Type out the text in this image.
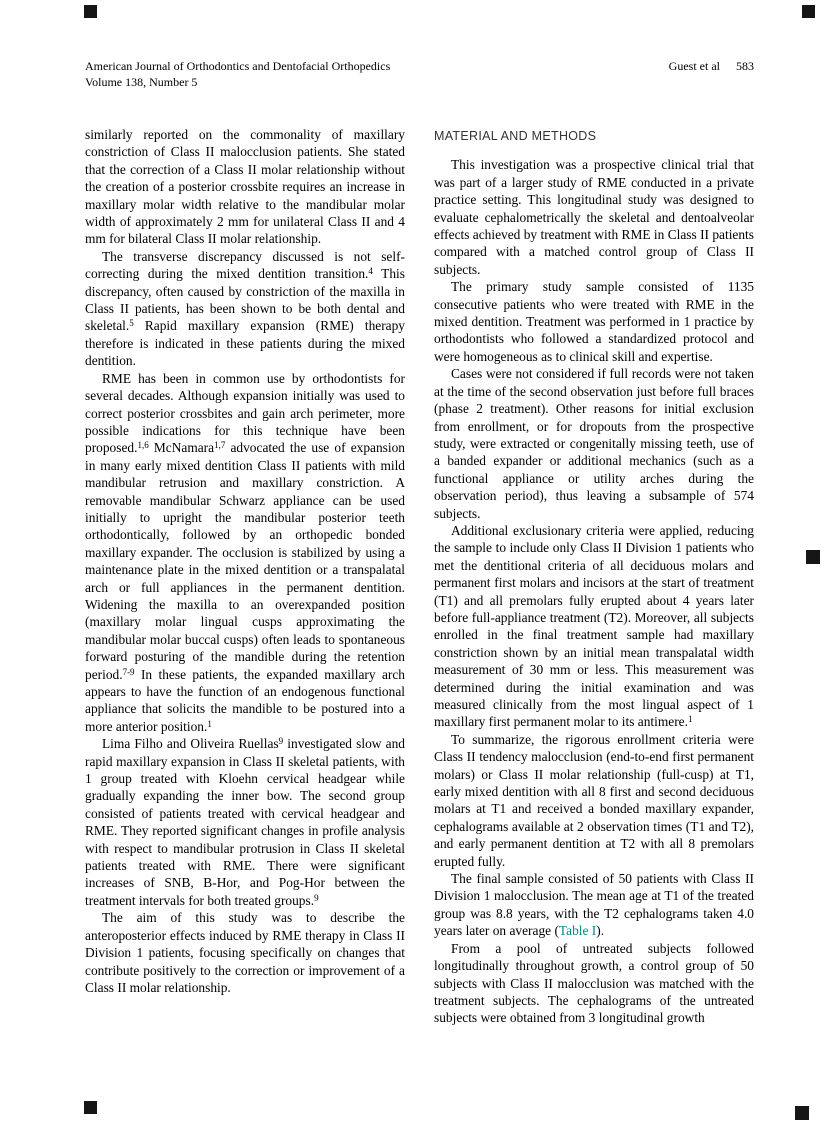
American Journal of Orthodontics and Dentofacial Orthopedics
Volume 138, Number 5
Guest et al 583

similarly reported on the commonality of maxillary constriction of Class II malocclusion patients. She stated that the correction of a Class II molar relationship without the creation of a posterior crossbite requires an increase in maxillary molar width relative to the mandibular molar width of approximately 2 mm for unilateral Class II and 4 mm for bilateral Class II molar relationship.

The transverse discrepancy discussed is not self-correcting during the mixed dentition transition.$^4$ This discrepancy, often caused by constriction of the maxilla in Class II patients, has been shown to be both dental and skeletal.$^5$ Rapid maxillary expansion (RME) therapy therefore is indicated in these patients during the mixed dentition.

RME has been in common use by orthodontists for several decades. Although expansion initially was used to correct posterior crossbites and gain arch perimeter, more possible indications for this technique have been proposed.$^{1,6}$ McNamara$^{1,7}$ advocated the use of expansion in many early mixed dentition Class II patients with mild mandibular retrusion and maxillary constriction. A removable mandibular Schwarz appliance can be used initially to upright the mandibular posterior teeth orthodontically, followed by an orthopedic bonded maxillary expander. The occlusion is stabilized by using a maintenance plate in the mixed dentition or a transpalatal arch or full appliances in the permanent dentition. Widening the maxilla to an overexpanded position (maxillary molar lingual cusps approximating the mandibular molar buccal cusps) often leads to spontaneous forward posturing of the mandible during the retention period.$^{7-9}$ In these patients, the expanded maxillary arch appears to have the function of an endogenous functional appliance that solicits the mandible to be postured into a more anterior position.$^1$

Lima Filho and Oliveira Ruellas$^9$ investigated slow and rapid maxillary expansion in Class II skeletal patients, with 1 group treated with Kloehn cervical headgear while gradually expanding the inner bow. The second group consisted of patients treated with cervical headgear and RME. They reported significant changes in profile analysis with respect to mandibular protrusion in Class II skeletal patients treated with RME. There were significant increases of SNB, B-Hor, and Pog-Hor between the treatment intervals for both treated groups.$^9$

The aim of this study was to describe the anteroposterior effects induced by RME therapy in Class II Division 1 patients, focusing specifically on changes that contribute positively to the correction or improvement of a Class II molar relationship.

MATERIAL AND METHODS

This investigation was a prospective clinical trial that was part of a larger study of RME conducted in a private practice setting. This longitudinal study was designed to evaluate cephalometrically the skeletal and dentoalveolar effects achieved by treatment with RME in Class II patients compared with a matched control group of Class II subjects.

The primary study sample consisted of 1135 consecutive patients who were treated with RME in the mixed dentition. Treatment was performed in 1 practice by orthodontists who followed a standardized protocol and were homogeneous as to clinical skill and expertise.

Cases were not considered if full records were not taken at the time of the second observation just before full braces (phase 2 treatment). Other reasons for initial exclusion from enrollment, or for dropouts from the prospective study, were extracted or congenitally missing teeth, use of a banded expander or additional mechanics (such as a functional appliance or utility arches during the observation period), thus leaving a subsample of 574 subjects.

Additional exclusionary criteria were applied, reducing the sample to include only Class II Division 1 patients who met the dentitional criteria of all deciduous molars and permanent first molars and incisors at the start of treatment (T1) and all premolars fully erupted about 4 years later before full-appliance treatment (T2). Moreover, all subjects enrolled in the final treatment sample had maxillary constriction shown by an initial mean transpalatal width measurement of 30 mm or less. This measurement was determined during the initial examination and was measured clinically from the most lingual aspect of 1 maxillary first permanent molar to its antimere.$^1$

To summarize, the rigorous enrollment criteria were Class II tendency malocclusion (end-to-end first permanent molars) or Class II molar relationship (full-cusp) at T1, early mixed dentition with all 8 first and second deciduous molars at T1 and received a bonded maxillary expander, cephalograms available at 2 observation times (T1 and T2), and early permanent dentition at T2 with all 8 premolars erupted fully.

The final sample consisted of 50 patients with Class II Division 1 malocclusion. The mean age at T1 of the treated group was 8.8 years, with the T2 cephalograms taken 4.0 years later on average (Table I).

From a pool of untreated subjects followed longitudinally throughout growth, a control group of 50 subjects with Class II malocclusion was matched with the treatment subjects. The cephalograms of the untreated subjects were obtained from 3 longitudinal growth
